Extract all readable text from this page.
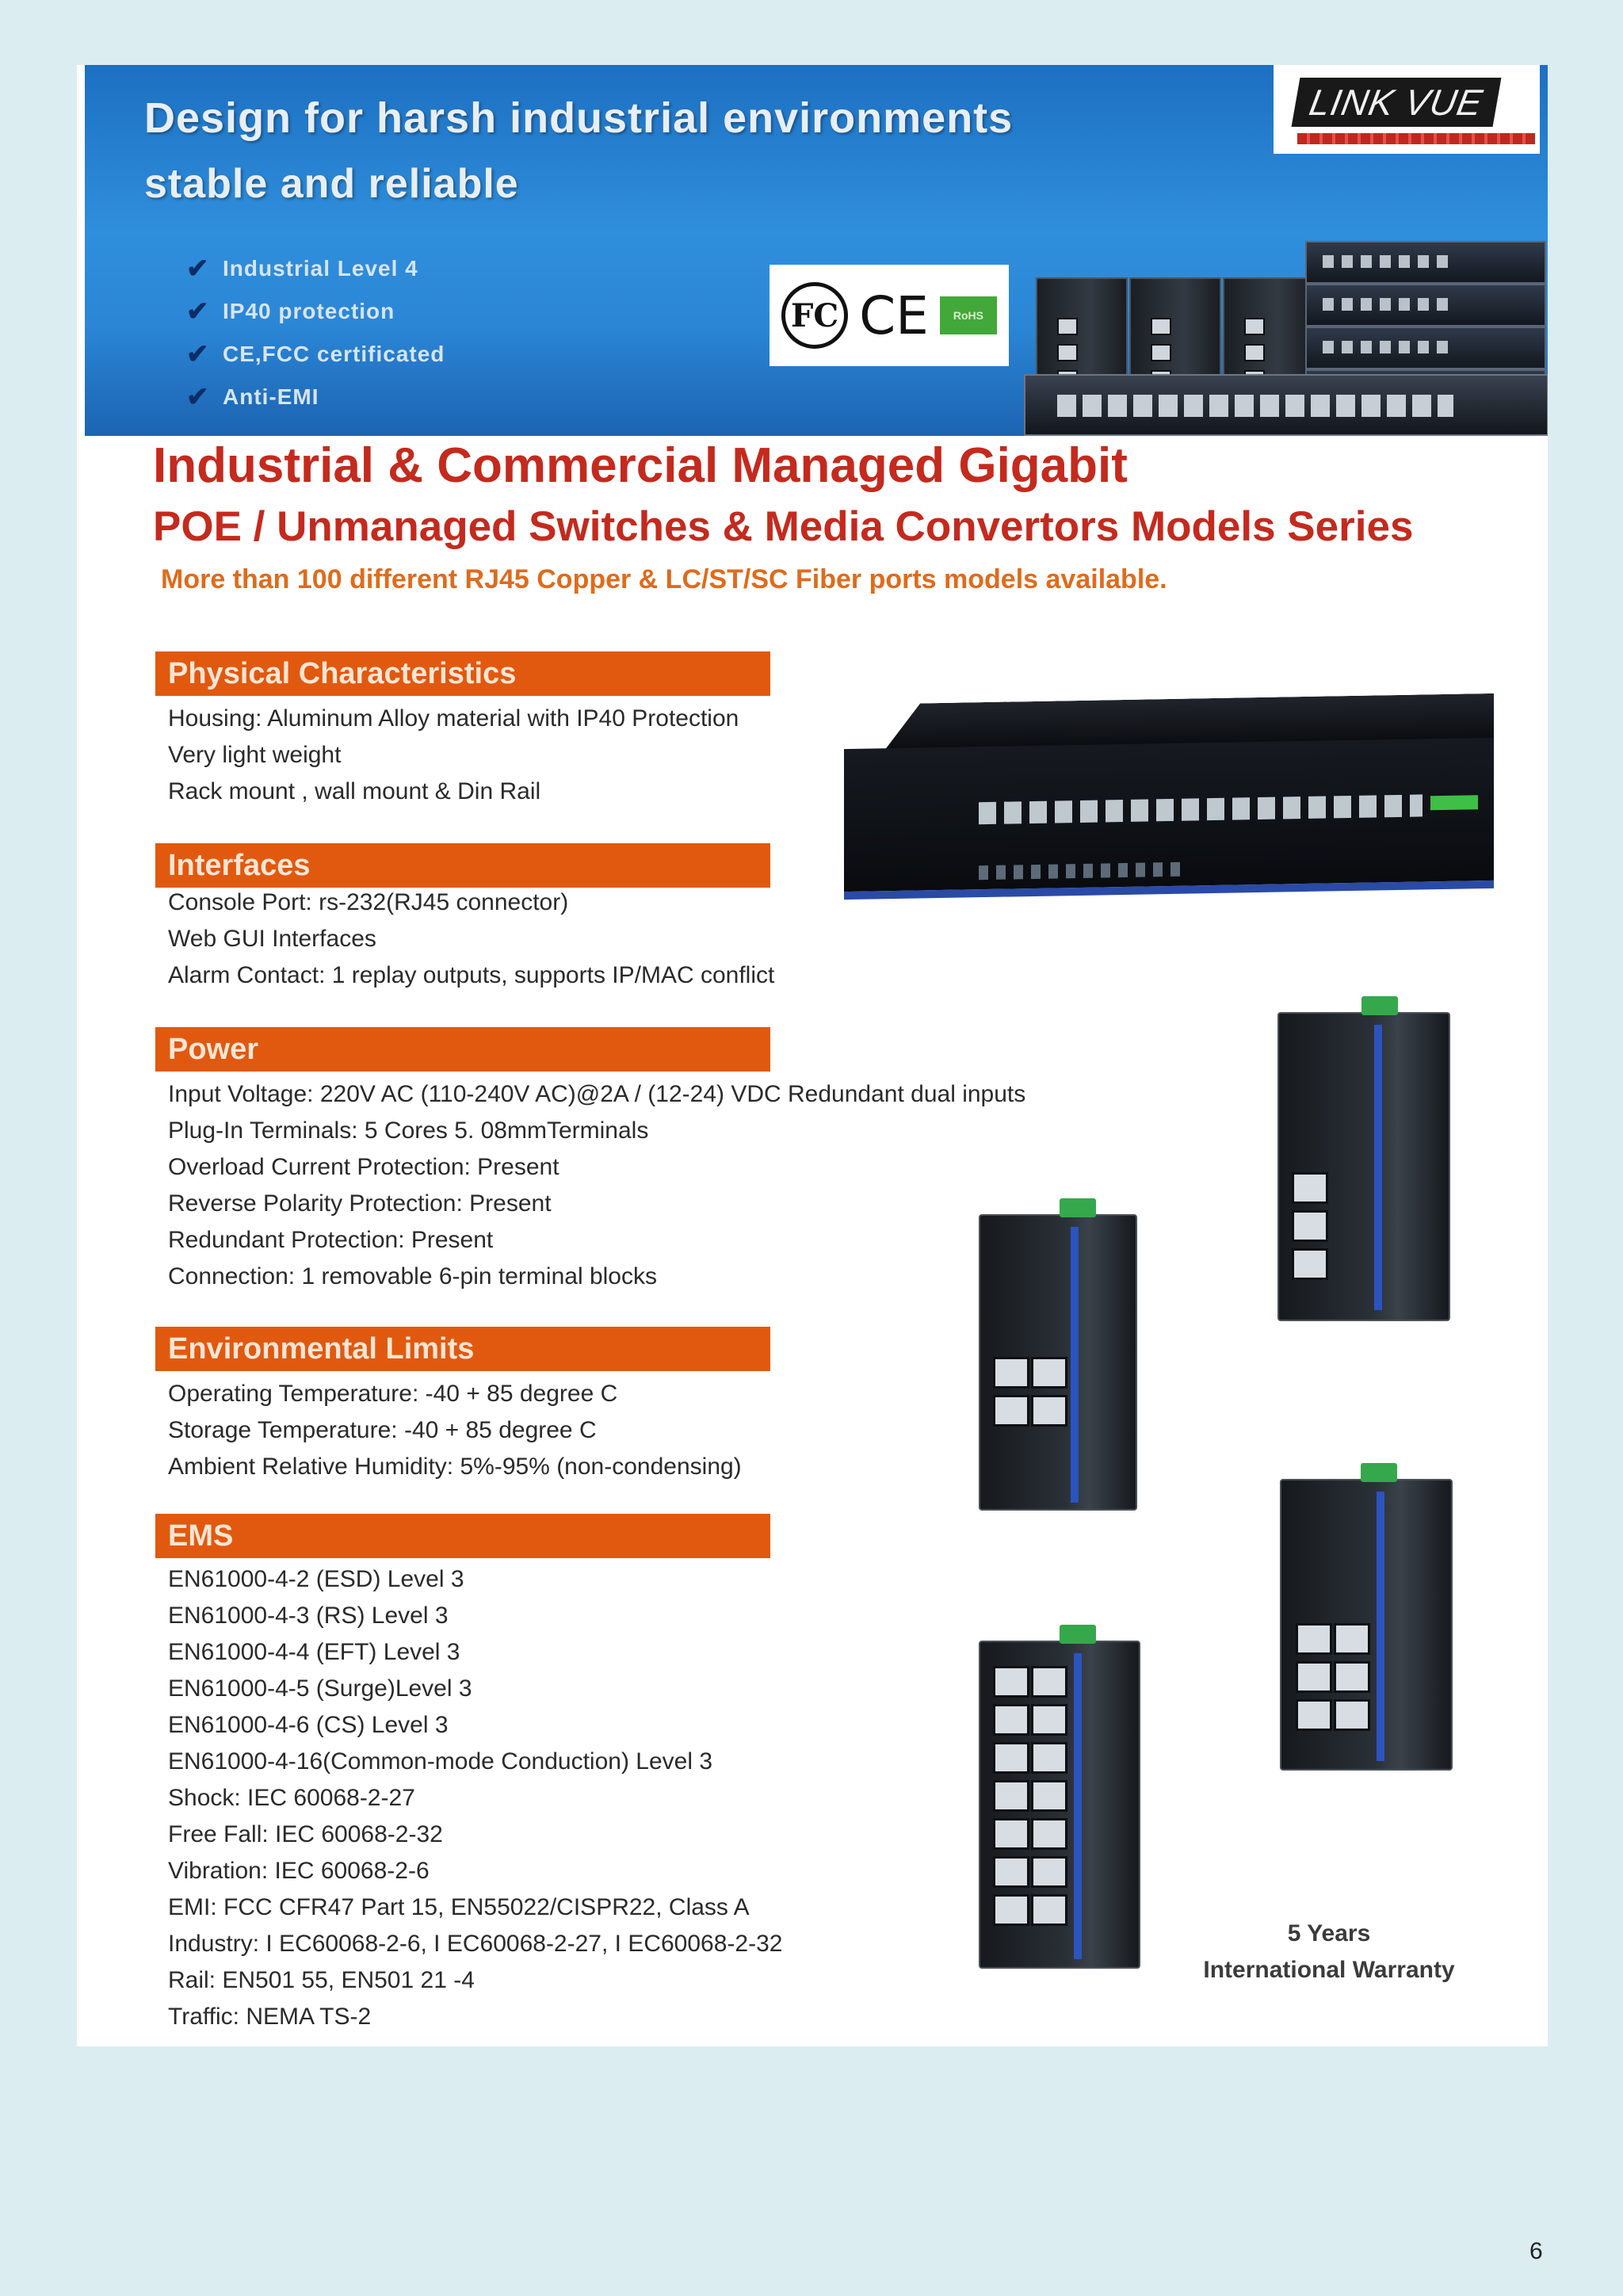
Design for harsh industrial environments
stable and reliable
✔ Industrial Level 4
✔ IP40 protection
✔ CE,FCC certificated
✔ Anti-EMI
FC CE	RoHS
LINK VUE
Industrial & Commercial Managed Gigabit
POE / Unmanaged Switches & Media Convertors Models Series

More than 100 different RJ45 Copper & LC/ST/SC Fiber ports models available.

Physical Characteristics
Housing: Aluminum Alloy material with IP40 Protection
Very light weight
Rack mount , wall mount & Din Rail
Interfaces
Console Port: rs-232(RJ45 connector)
Web GUI Interfaces
Alarm Contact: 1 replay outputs, supports IP/MAC conflict
Power
Input Voltage: 220V AC (110-240V AC)@2A / (12-24) VDC Redundant dual inputs
Plug-In Terminals: 5 Cores 5. 08mmTerminals
Overload Current Protection: Present
Reverse Polarity Protection: Present
Redundant Protection: Present
Connection: 1 removable 6-pin terminal blocks
Environmental Limits
Operating Temperature: -40 + 85 degree C
Storage Temperature: -40 + 85 degree C
Ambient Relative Humidity: 5%-95% (non-condensing)
EMS
EN61000-4-2 (ESD) Level 3
EN61000-4-3 (RS) Level 3
EN61000-4-4 (EFT) Level 3
EN61000-4-5 (Surge)Level 3
EN61000-4-6 (CS) Level 3
EN61000-4-16(Common-mode Conduction) Level 3
Shock: IEC 60068-2-27
Free Fall: IEC 60068-2-32
Vibration: IEC 60068-2-6
EMI: FCC CFR47 Part 15, EN55022/CISPR22, Class A
Industry: I EC60068-2-6, I EC60068-2-27, I EC60068-2-32
Rail: EN501 55, EN501 21 -4
Traffic: NEMA TS-2
5 Years
International Warranty
6
